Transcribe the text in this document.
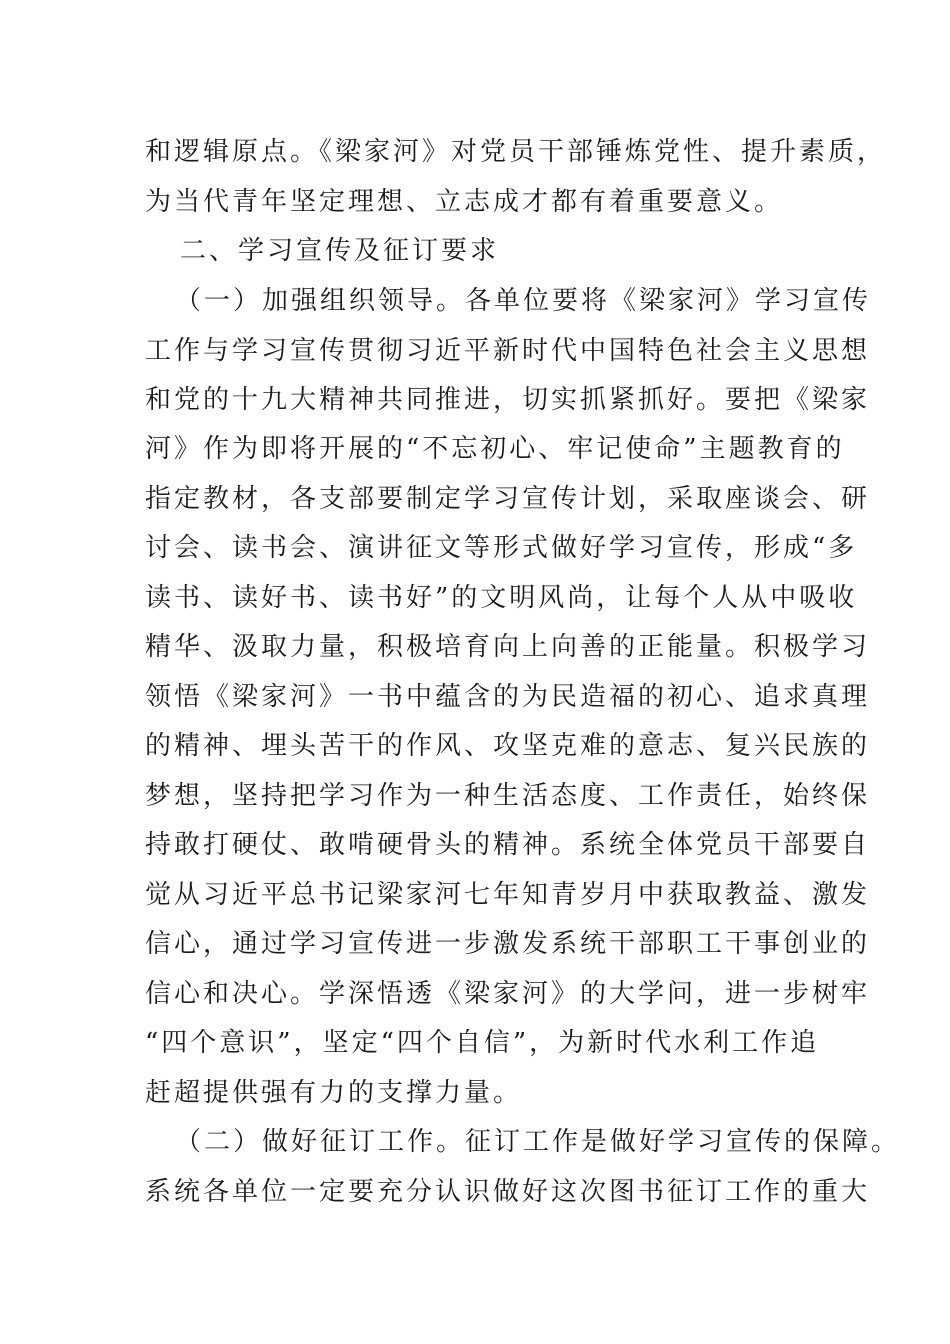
和逻辑原点。《梁家河》对党员干部锤炼党性、提升素质，
为当代青年坚定理想、立志成才都有着重要意义。
二、学习宣传及征订要求
（一）加强组织领导。各单位要将《梁家河》学习宣传
工作与学习宣传贯彻习近平新时代中国特色社会主义思想
和党的十九大精神共同推进，切实抓紧抓好。要把《梁家
河》作为即将开展的“不忘初心、牢记使命”主题教育的
指定教材，各支部要制定学习宣传计划，采取座谈会、研
讨会、读书会、演讲征文等形式做好学习宣传，形成“多
读书、读好书、读书好”的文明风尚，让每个人从中吸收
精华、汲取力量，积极培育向上向善的正能量。积极学习
领悟《梁家河》一书中蕴含的为民造福的初心、追求真理
的精神、埋头苦干的作风、攻坚克难的意志、复兴民族的
梦想，坚持把学习作为一种生活态度、工作责任，始终保
持敢打硬仗、敢啃硬骨头的精神。系统全体党员干部要自
觉从习近平总书记梁家河七年知青岁月中获取教益、激发
信心，通过学习宣传进一步激发系统干部职工干事创业的
信心和决心。学深悟透《梁家河》的大学问，进一步树牢
“四个意识”，坚定“四个自信”，为新时代水利工作追
赶超提供强有力的支撑力量。
（二）做好征订工作。征订工作是做好学习宣传的保障。
系统各单位一定要充分认识做好这次图书征订工作的重大
